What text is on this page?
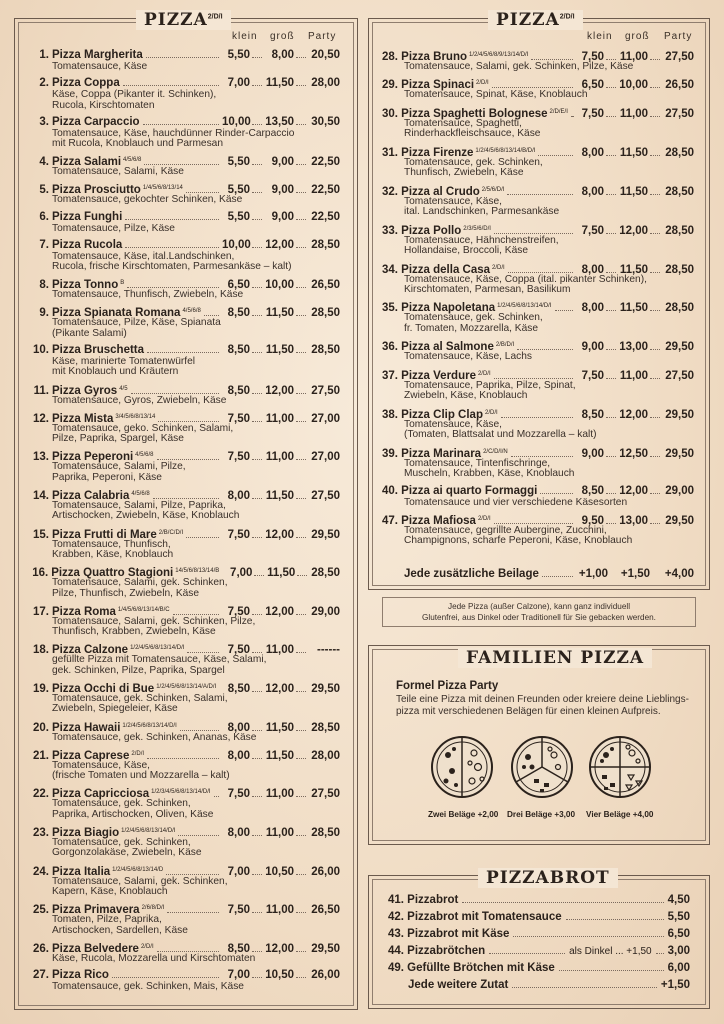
$PIZZA^{2/D/I}$
klein groß Party
1. Pizza Margherita	5,50	8,00 20,50
Tomatensauce, Käse
2. Pizza Coppa	7,00 11,50 28,00
Käse, Coppa (Pikanter it. Schinken),
Rucola, Kirschtomaten
3. Pizza Carpaccio	10,00 13,50 30,50
Tomatensauce, Käse, hauchdünner Rinder-Carpaccio
mit Rucola, Knoblauch und Parmesan
4. Pizza Salami $^{4/5/6/8}$	5,50	9,00 22,50
Tomatensauce, Salami, Käse
5. Pizza Prosciutto $^{1/4/5/6/8/13/14}$	5,50	9,00 22,50
Tomatensauce, gekochter Schinken, Käse
6. Pizza Funghi	5,50	9,00 22,50
Tomatensauce, Pilze, Käse
7. Pizza Rucola	10,00 12,00 28,50
Tomatensauce, Käse, ital.Landschinken,
Rucola, frische Kirschtomaten, Parmesankäse – kalt)
8. Pizza Tonno $^B$	6,50 10,00 26,50
Tomatensauce, Thunfisch, Zwiebeln, Käse
9. Pizza Spianata Romana $^{4/5/6/8}$	8,50 11,50 28,50
Tomatensauce, Pilze, Käse, Spianata
(Pikante Salami)
10. Pizza Bruschetta	8,50 11,50 28,50
Käse, marinierte Tomatenwürfel
mit Knoblauch und Kräutern
11. Pizza Gyros $^{4/5}$	8,50 12,00 27,50
Tomatensauce, Gyros, Zwiebeln, Käse
12. Pizza Mista $^{3/4/5/6/8/13/14}$	7,50 11,00 27,00
Tomatensauce, geko. Schinken, Salami,
Pilze, Paprika, Spargel, Käse
13. Pizza Peperoni $^{4/5/6/8}$	7,50 11,00 27,00
Tomatensauce, Salami, Pilze,
Paprika, Peperoni, Käse
14. Pizza Calabria $^{4/5/6/8}$	8,00 11,50 27,50
Tomatensauce, Salami, Pilze, Paprika,
Artischocken, Zwiebeln, Käse, Knoblauch
15. Pizza Frutti di Mare $^{2/B/C/D/I}$	7,50 12,00 29,50
Tomatensauce, Thunfisch,
Krabben, Käse, Knoblauch
16. Pizza Quattro Stagioni $^{14/5/6/8/13/14/B}$ 7,00 11,50 28,50
Tomatensauce, Salami, gek. Schinken,
Pilze, Thunfisch, Zwiebeln, Käse
17. Pizza Roma $^{1/4/5/6/8/13/14/B/C}$	7,50 12,00 29,00
Tomatensauce, Salami, gek. Schinken, Pilze,
Thunfisch, Krabben, Zwiebeln, Käse
18. Pizza Calzone $^{1/2/4/5/6/8/13/14/D/I}$	7,50 11,00	------
gefüllte Pizza mit Tomatensauce, Käse, Salami,
gek. Schinken, Pilze, Paprika, Spargel
19. Pizza Occhi di Bue $^{1/2/4/5/6/8/13/14/A/D/I}$	8,50 12,00 29,50
Tomatensauce, gek. Schinken, Salami,
Zwiebeln, Spiegeleier, Käse
20. Pizza Hawaii $^{1/2/4/5/6/8/13/14/D/I}$	8,00 11,50 28,50
Tomatensauce, gek. Schinken, Ananas, Käse
21. Pizza Caprese $^{2/D/I}$	8,00 11,50 28,00
Tomatensauce, Käse,
(frische Tomaten und Mozzarella – kalt)
22. Pizza Capricciosa $^{1/2/3/4/5/6/8/13/14/D/I}$	7,50 11,00 27,50
Tomatensauce, gek. Schinken,
Paprika, Artischocken, Oliven, Käse
23. Pizza Biagio $^{1/2/4/5/6/8/13/14/D/I}$	8,00 11,00 28,50
Tomatensauce, gek. Schinken,
Gorgonzolakäse, Zwiebeln, Käse
24. Pizza Italia $^{1/2/4/5/6/8/13/14/D}$	7,00 10,50 26,00
Tomatensauce, Salami, gek. Schinken,
Kapern, Käse, Knoblauch
25. Pizza Primavera $^{2/6/8/D/I}$	7,50 11,00 26,50
Tomaten, Pilze, Paprika,
Artischocken, Sardellen, Käse
26. Pizza Belvedere $^{2/D/I}$	8,50 12,00 29,50
Käse, Rucola, Mozzarella und Kirschtomaten
27. Pizza Rico	7,00 10,50 26,00
Tomatensauce, gek. Schinken, Mais, Käse
$PIZZA^{2/D/I}$
klein groß Party
28. Pizza Bruno $^{1/2/4/5/6/8/9/13/14/D/I}$	7,50 11,00 27,50
Tomatensauce, Salami, gek. Schinken, Pilze, Käse
29. Pizza Spinaci $^{2/D/I}$	6,50 10,00 26,50
Tomatensauce, Spinat, Käse, Knoblauch
30. Pizza Spaghetti Bolognese $^{2/D/E/I}$	7,50 11,00 27,50
Tomatensauce, Spaghetti,
Rinderhackfleischsauce, Käse
31. Pizza Firenze $^{1/2/4/5/6/8/13/14/B/D/I}$	8,00 11,50 28,50
Tomatensauce, gek. Schinken,
Thunfisch, Zwiebeln, Käse
32. Pizza al Crudo $^{2/5/6/D/I}$	8,00 11,50 28,50
Tomatensauce, Käse,
ital. Landschinken, Parmesankäse
33. Pizza Pollo $^{2/3/5/6/D/I}$	7,50 12,00 28,50
Tomatensauce, Hähnchenstreifen,
Hollandaise, Broccoli, Käse
34. Pizza della Casa $^{2/D/I}$	8,00 11,50 28,50
Tomatensauce, Käse, Coppa (ital. pikanter Schinken),
Kirschtomaten, Parmesan, Basilikum
35. Pizza Napoletana $^{1/2/4/5/6/8/13/14/D/I}$	8,00 11,50 28,50
Tomatensauce, gek. Schinken,
fr. Tomaten, Mozzarella, Käse
36. Pizza al Salmone $^{2/B/D/I}$	9,00 13,00 29,50
Tomatensauce, Käse, Lachs
37. Pizza Verdure $^{2/D/I}$	7,50 11,00 27,50
Tomatensauce, Paprika, Pilze, Spinat,
Zwiebeln, Käse, Knoblauch
38. Pizza Clip Clap $^{2/D/I}$	8,50 12,00 29,50
Tomatensauce, Käse,
(Tomaten, Blattsalat und Mozzarella – kalt)
39. Pizza Marinara $^{2/C/D/I/N}$	9,00 12,50 29,50
Tomatensauce, Tintenfischringe,
Muscheln, Krabben, Käse, Knoblauch
40. Pizza ai quarto Formaggi	8,50 12,00 29,00
Tomatensauce und vier verschiedene Käsesorten
47. Pizza Mafiosa $^{2/D/I}$	9,50 13,00 29,50
Tomatensauce, gegrillte Aubergine, Zucchini,
Champignons, scharfe Peperoni, Käse, Knoblauch
Jede zusätzliche Beilage	+1,00 +1,50 +4,00
Jede Pizza (außer Calzone), kann ganz individuell
Glutenfrei, aus Dinkel oder Traditionell für Sie gebacken werden.
FAMILIEN PIZZA
Formel Pizza Party
Teile eine Pizza mit deinen Freunden oder kreiere deine Lieblings-pizza mit verschiedenen Belägen für einen kleinen Aufpreis.
Zwei Beläge +2,00 Drei Beläge +3,00 Vier Beläge +4,00
PIZZABROT
41. Pizzabrot	4,50
42. Pizzabrot mit Tomatensauce	5,50
43. Pizzabrot mit Käse	6,50
44. Pizzabrötchen	als Dinkel ... +1,50 3,00
49. Gefüllte Brötchen mit Käse	6,00
Jede weitere Zutat	+1,50
